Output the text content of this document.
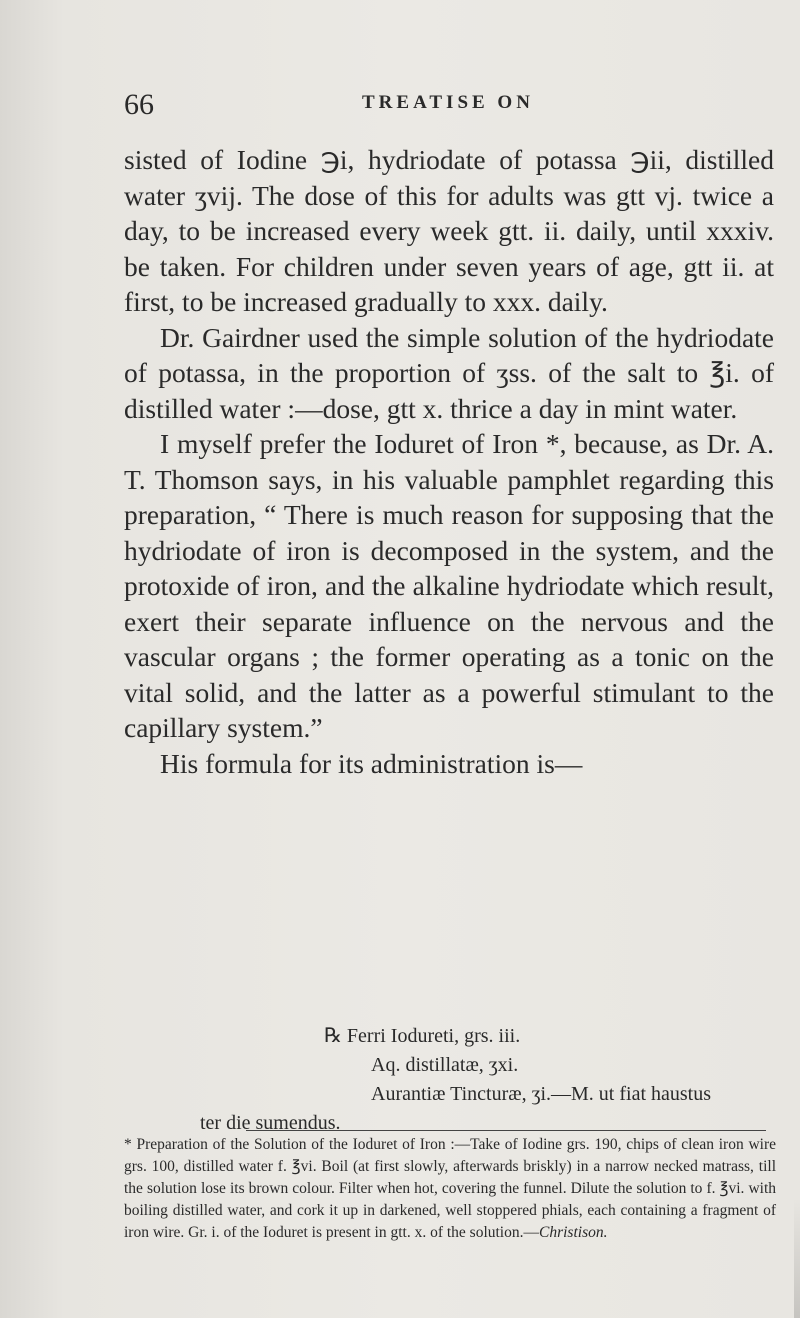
66	TREATISE ON

sisted of Iodine ℈i, hydriodate of potassa ℈ii, distilled water ʒvij. The dose of this for adults was gtt vj. twice a day, to be increased every week gtt. ii. daily, until xxxiv. be taken. For children under seven years of age, gtt ii. at first, to be increased gradually to xxx. daily.

Dr. Gairdner used the simple solution of the hydriodate of potassa, in the proportion of ʒss. of the salt to ℥i. of distilled water :—dose, gtt x. thrice a day in mint water.

I myself prefer the Ioduret of Iron *, because, as Dr. A. T. Thomson says, in his valuable pamphlet regarding this preparation, “ There is much reason for supposing that the hydriodate of iron is decomposed in the system, and the protoxide of iron, and the alkaline hydriodate which result, exert their separate influence on the nervous and the vascular organs ; the former operating as a tonic on the vital solid, and the latter as a powerful stimulant to the capillary system.”

His formula for its administration is—

℞ Ferri Iodureti, grs. iii.
Aq. distillatæ, ʒxi.
Aurantiæ Tincturæ, ʒi.—M. ut fiat haustus
ter die sumendus.
* Preparation of the Solution of the Ioduret of Iron :—Take of Iodine grs. 190, chips of clean iron wire grs. 100, distilled water f. ℥vi. Boil (at first slowly, afterwards briskly) in a narrow necked matrass, till the solution lose its brown colour. Filter when hot, covering the funnel. Dilute the solution to f. ℥vi. with boiling distilled water, and cork it up in darkened, well stoppered phials, each containing a fragment of iron wire. Gr. i. of the Ioduret is present in gtt. x. of the solution.—Christison.
